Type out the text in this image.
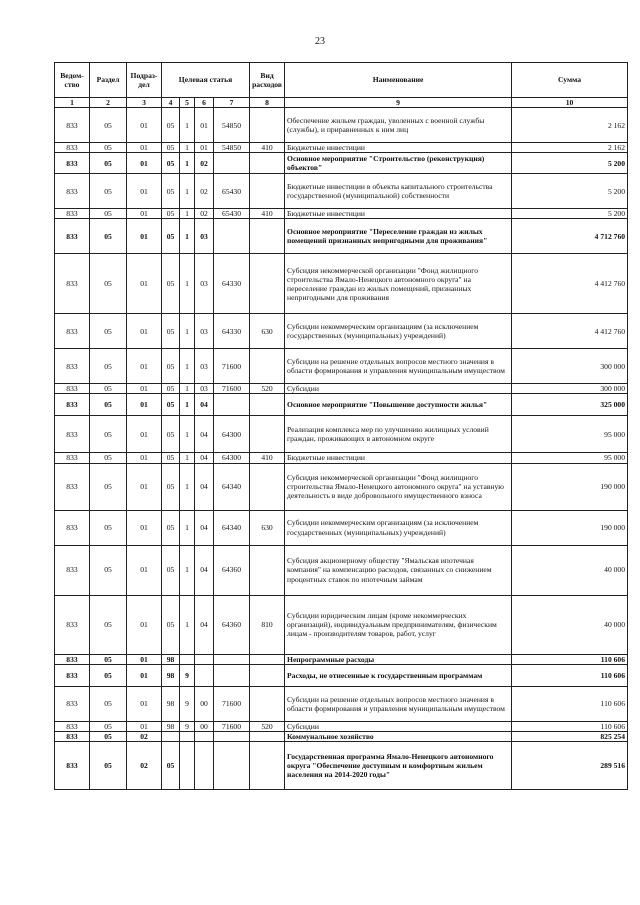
23
Ведом-ство	Раздел	Подраз-дел	Целевая статья				Вид расходов	Наименование	Сумма
1	2	3	4	5	6	7	8	9	10
833	05	01	05	1	01	54850		Обеспечение жильем граждан, уволенных с военной службы (службы), и приравненных к ним лиц	2 162
833	05	01	05	1	01	54850	410	Бюджетные инвестиции	2 162
833	05	01	05	1	02			Основное мероприятие "Строительство (реконструкция) объектов"	5 200
833	05	01	05	1	02	65430		Бюджетные инвестиции в объекты капитального строительства государственной (муниципальной) собственности	5 200
833	05	01	05	1	02	65430	410	Бюджетные инвестиции	5 200
833	05	01	05	1	03			Основное мероприятие "Переселение граждан из жилых помещений признанных непригодными для проживания"	4 712 760
833	05	01	05	1	03	64330		Субсидия некоммерческой организации "Фонд жилищного строительства Ямало-Ненецкого автономного округа" на переселение граждан из жилых помещений, признанных непригодными для проживания	4 412 760
833	05	01	05	1	03	64330	630	Субсидии некоммерческим организациям (за исключением государственных (муниципальных) учреждений)	4 412 760
833	05	01	05	1	03	71600		Субсидии на решение отдельных вопросов местного значения в области формирования и управления муниципальным имуществом	300 000
833	05	01	05	1	03	71600	520	Субсидии	300 000
833	05	01	05	1	04			Основное мероприятие "Повышение доступности жилья"	325 000
833	05	01	05	1	04	64300		Реализация комплекса мер по улучшению жилищных условий граждан, проживающих в автономном округе	95 000
833	05	01	05	1	04	64300	410	Бюджетные инвестиции	95 000
833	05	01	05	1	04	64340		Субсидия некоммерческой организации "Фонд жилищного строительства Ямало-Ненецкого автономного округа" на уставную деятельность в виде добровольного имущественного взноса	190 000
833	05	01	05	1	04	64340	630	Субсидии некоммерческим организациям (за исключением государственных (муниципальных) учреждений)	190 000
833	05	01	05	1	04	64360		Субсидия акционерному обществу "Ямальская ипотечная компания" на компенсацию расходов, связанных со снижением процентных ставок по ипотечным займам	40 000
833	05	01	05	1	04	64360	810	Субсидии юридическим лицам (кроме некоммерческих организаций), индивидуальным предпринимателям, физическим лицам - производителям товаров, работ, услуг	40 000
833	05	01	98					Непрограммные расходы	110 606
833	05	01	98	9				Расходы, не отнесенные к государственным программам	110 606
833	05	01	98	9	00	71600		Субсидии на решение отдельных вопросов местного значения в области формирования и управления муниципальным имуществом	110 606
833	05	01	98	9	00	71600	520	Субсидии	110 606
833	05	02						Коммунальное хозяйство	825 254
833	05	02	05					Государственная программа Ямало-Ненецкого автономного округа "Обеспечение доступным и комфортным жильем населения на 2014-2020 годы"	289 516
